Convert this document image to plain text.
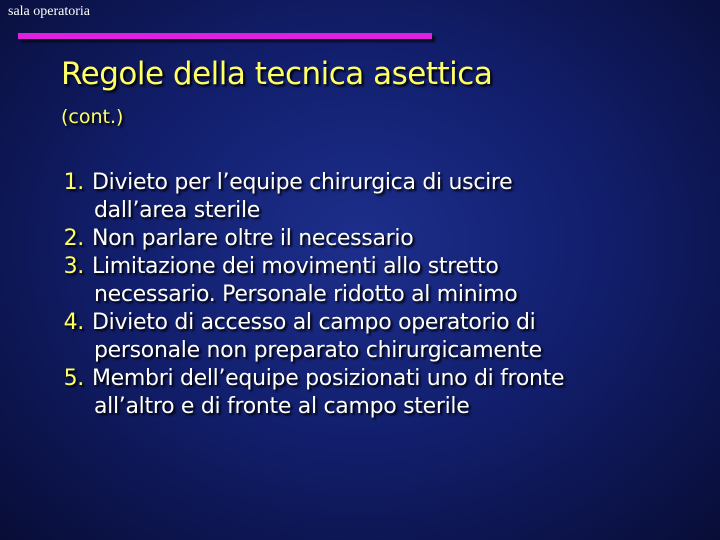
sala operatoria
Regole della tecnica asettica
(cont.)
1. Divieto per l’equipe chirurgica di uscire
dall’area sterile
2. Non parlare oltre il necessario
3. Limitazione dei movimenti allo stretto
necessario. Personale ridotto al minimo
4. Divieto di accesso al campo operatorio di
personale non preparato chirurgicamente
5. Membri dell’equipe posizionati uno di fronte
all’altro e di fronte al campo sterile
